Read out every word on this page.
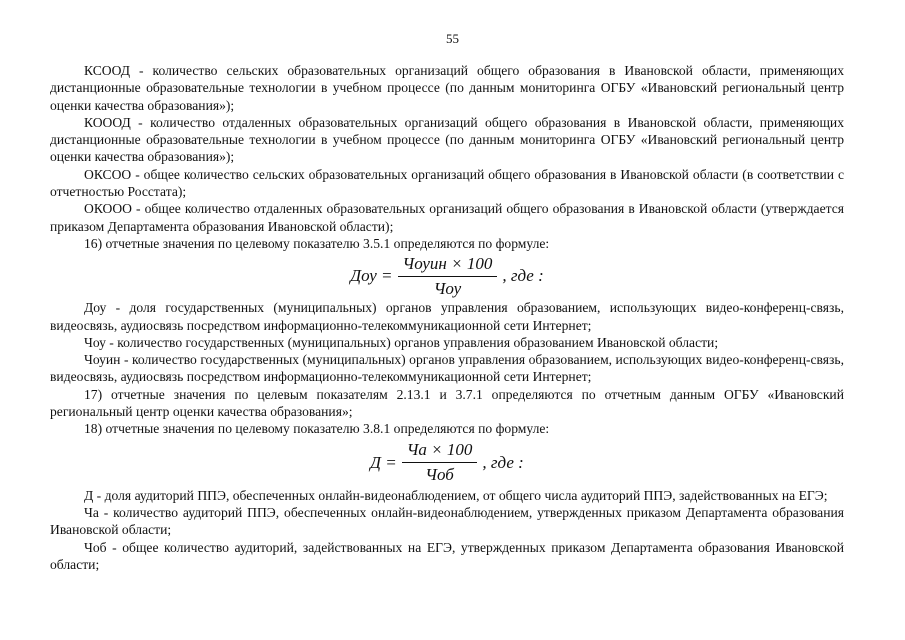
55

КСООД - количество сельских образовательных организаций общего образования в Ивановской области, применяющих дистанционные образовательные технологии в учебном процессе (по данным мониторинга ОГБУ «Ивановский региональный центр оценки качества образования»);

КОООД - количество отдаленных образовательных организаций общего образования в Ивановской области, применяющих дистанционные образовательные технологии в учебном процессе (по данным мониторинга ОГБУ «Ивановский региональный центр оценки качества образования»);

ОКСОО - общее количество сельских образовательных организаций общего образования в Ивановской области (в соответствии с отчетностью Росстата);

ОКООО - общее количество отдаленных образовательных организаций общего образования в Ивановской области (утверждается приказом Департамента образования Ивановской области);

16) отчетные значения по целевому показателю 3.5.1 определяются по формуле:

Доу = $\frac{\text{Чоуин × 100}}{\text{Чоу}}$ , где :

Доу - доля государственных (муниципальных) органов управления образованием, использующих видео-конференц-связь, видеосвязь, аудиосвязь посредством информационно-телекоммуникационной сети Интернет;

Чоу - количество государственных (муниципальных) органов управления образованием Ивановской области;

Чоуин - количество государственных (муниципальных) органов управления образованием, использующих видео-конференц-связь, видеосвязь, аудиосвязь посредством информационно-телекоммуникационной сети Интернет;

17) отчетные значения по целевым показателям 2.13.1 и 3.7.1 определяются по отчетным данным ОГБУ «Ивановский региональный центр оценки качества образования»;

18) отчетные значения по целевому показателю 3.8.1 определяются по формуле:

$Д = \frac{Ча \times 100}{\text{Чоб}}$ , где :

Д - доля аудиторий ППЭ, обеспеченных онлайн-видеонаблюдением, от общего числа аудиторий ППЭ, задействованных на ЕГЭ;

Ча - количество аудиторий ППЭ, обеспеченных онлайн-видеонаблюдением, утвержденных приказом Департамента образования Ивановской области;

Чоб - общее количество аудиторий, задействованных на ЕГЭ, утвержденных приказом Департамента образования Ивановской области;
